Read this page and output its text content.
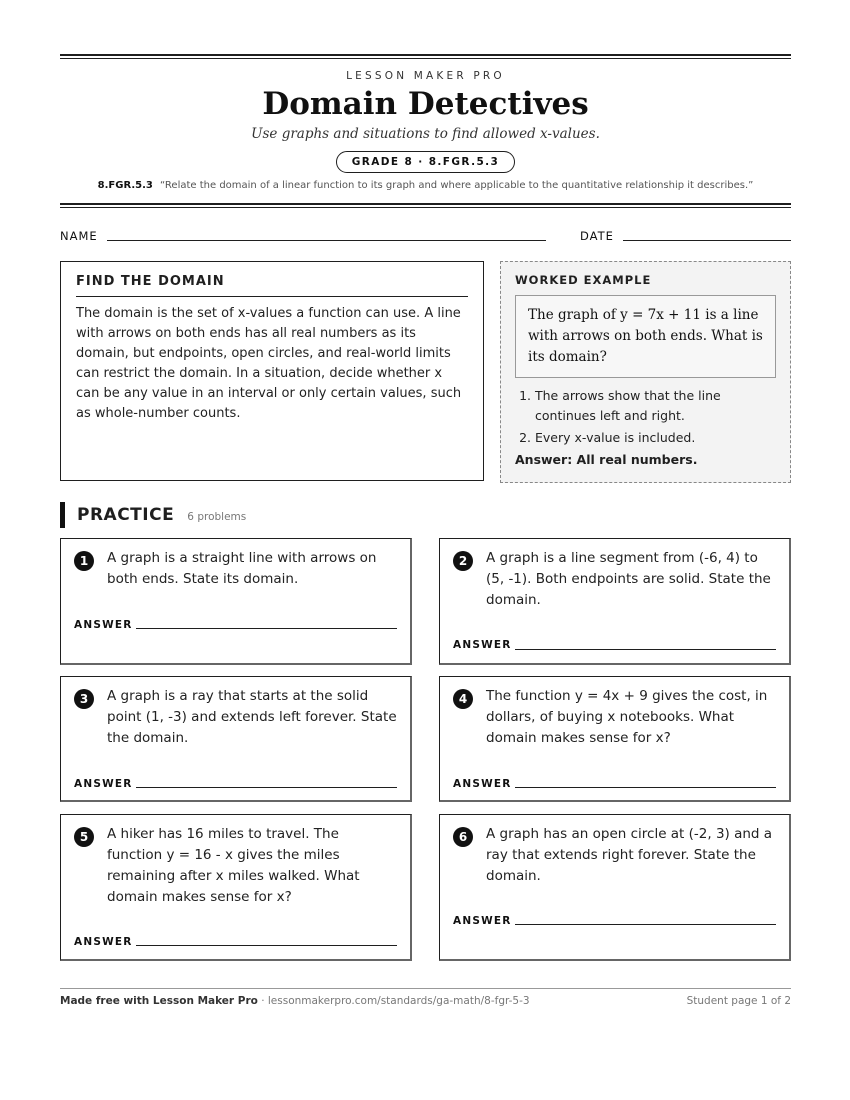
LESSON MAKER PRO
Domain Detectives
Use graphs and situations to find allowed x-values.
GRADE 8 · 8.FGR.5.3
8.FGR.5.3 “Relate the domain of a linear function to its graph and where applicable to the quantitative relationship it describes.”
NAME	DATE
FIND THE DOMAIN
The domain is the set of x-values a function can use. A line with arrows on both ends has all real numbers as its domain, but endpoints, open circles, and real-world limits can restrict the domain. In a situation, decide whether x can be any value in an interval or only certain values, such as whole-number counts.
WORKED EXAMPLE
The graph of y = 7x + 11 is a line with arrows on both ends. What is its domain?
1. The arrows show that the line continues left and right.
2. Every x-value is included.
Answer: All real numbers.
PRACTICE 6 problems
1	A graph is a straight line with arrows on both ends. State its domain.
ANSWER
2	A graph is a line segment from (-6, 4) to (5, -1). Both endpoints are solid. State the domain.
ANSWER
3	A graph is a ray that starts at the solid point (1, -3) and extends left forever. State the domain.
ANSWER
4	The function y = 4x + 9 gives the cost, in dollars, of buying x notebooks. What domain makes sense for x?
ANSWER
5	A hiker has 16 miles to travel. The function y = 16 - x gives the miles remaining after x miles walked. What domain makes sense for x?
ANSWER
6	A graph has an open circle at (-2, 3) and a ray that extends right forever. State the domain.
ANSWER
Made free with Lesson Maker Pro · lessonmakerpro.com/standards/ga-math/8-fgr-5-3	Student page 1 of 2
